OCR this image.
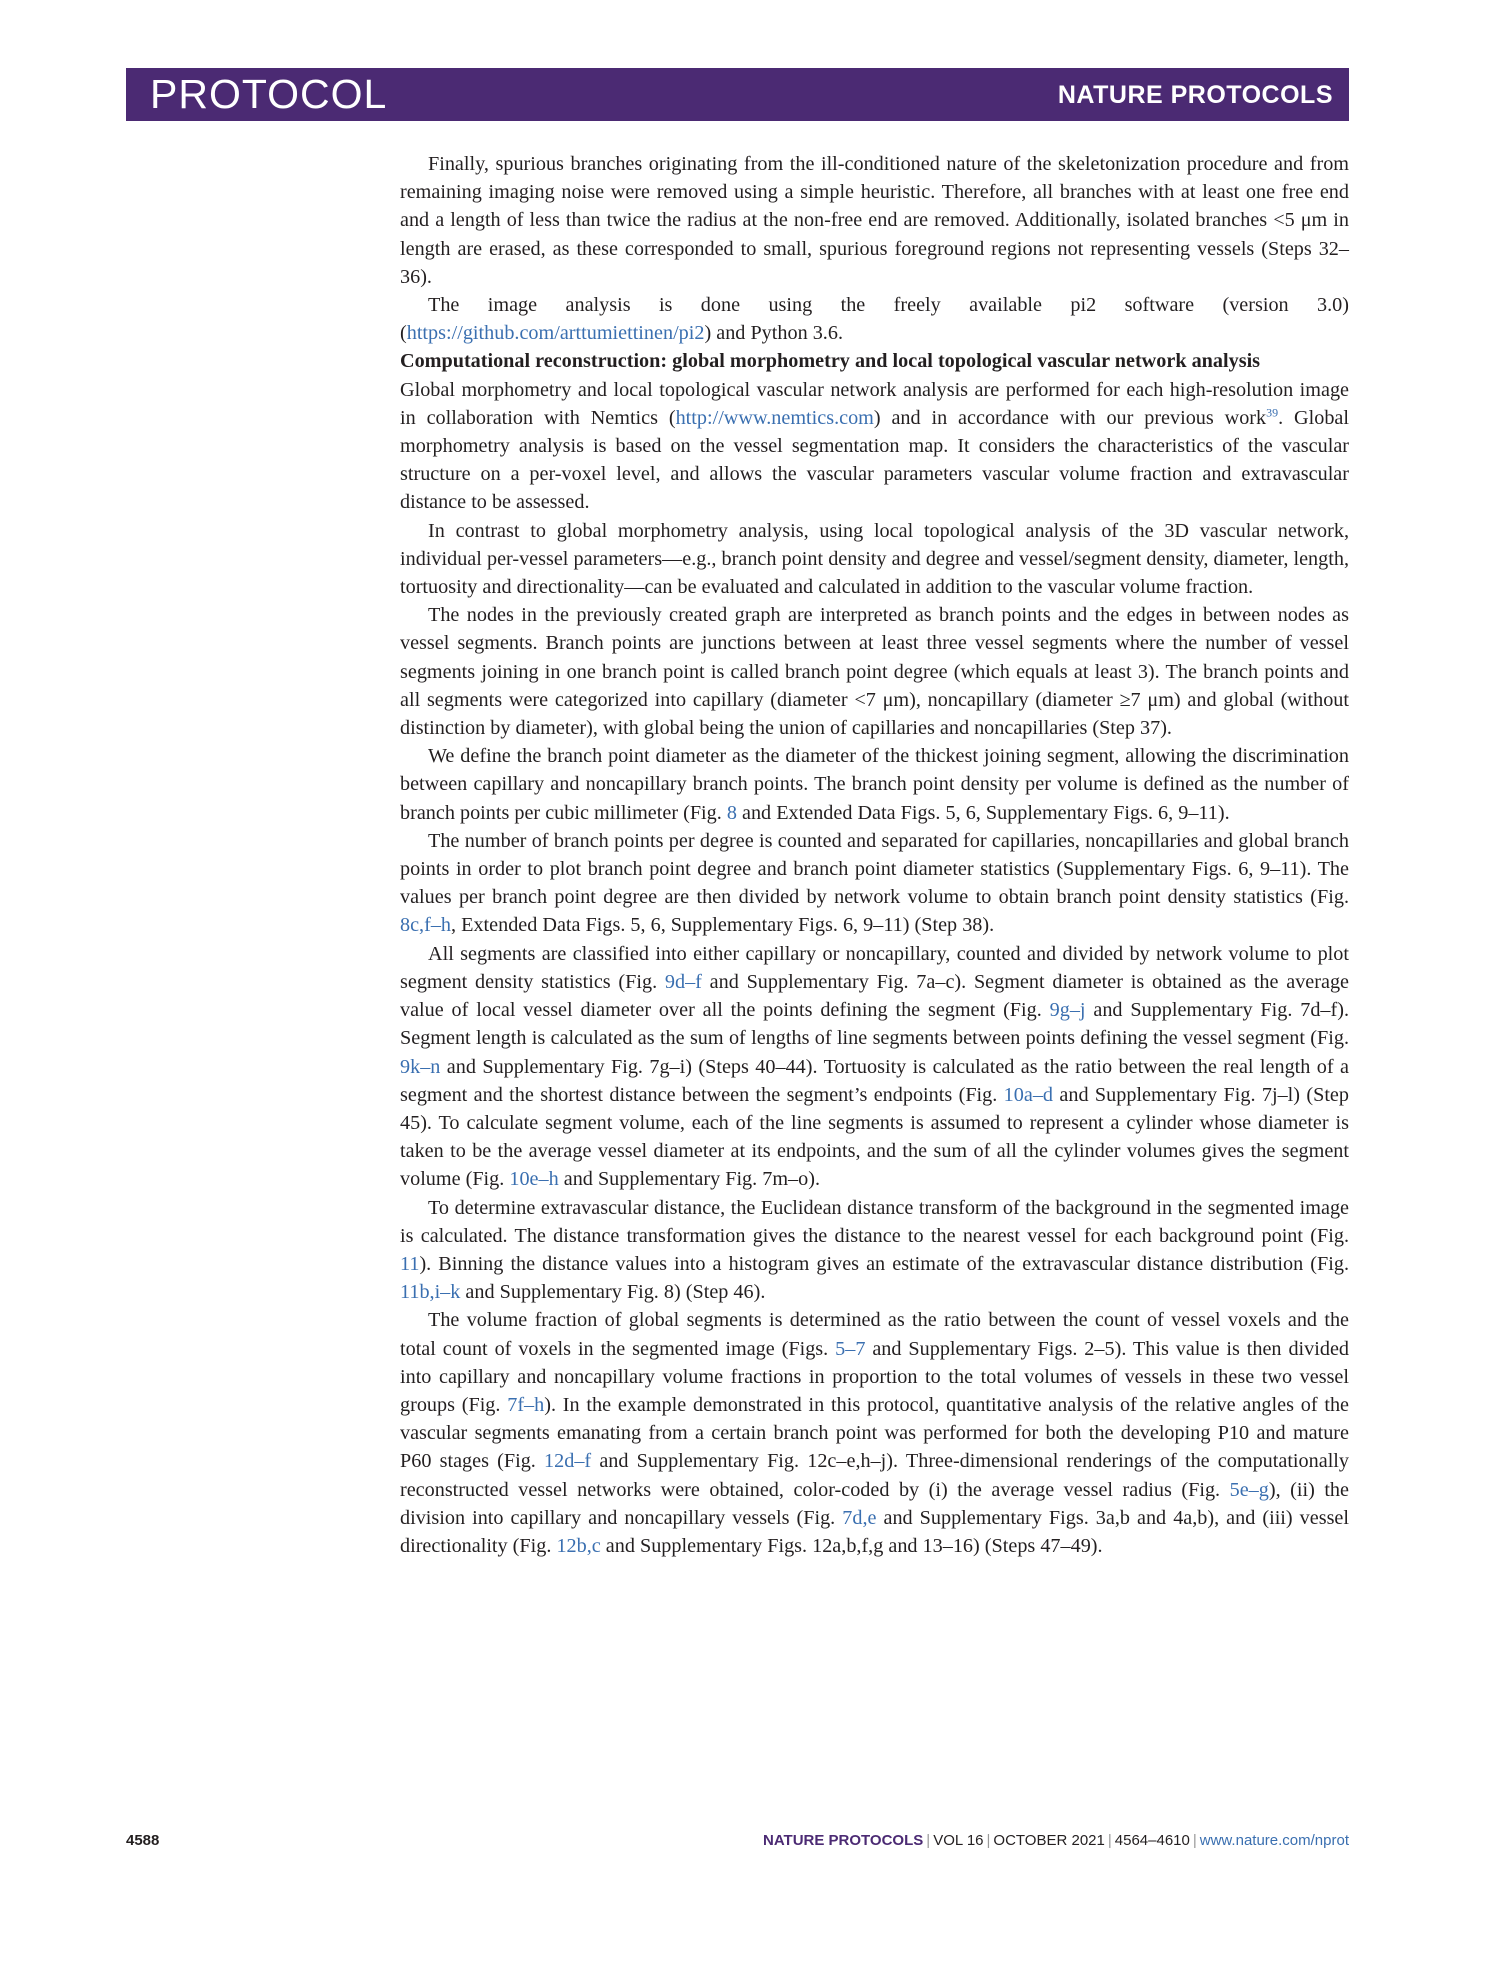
PROTOCOL	NATURE PROTOCOLS

Finally, spurious branches originating from the ill-conditioned nature of the skeletonization procedure and from remaining imaging noise were removed using a simple heuristic. Therefore, all branches with at least one free end and a length of less than twice the radius at the non-free end are removed. Additionally, isolated branches <5 μm in length are erased, as these corresponded to small, spurious foreground regions not representing vessels (Steps 32–36).

The image analysis is done using the freely available pi2 software (version 3.0) (https://github.com/arttumiettinen/pi2) and Python 3.6.

Computational reconstruction: global morphometry and local topological vascular network analysis

Global morphometry and local topological vascular network analysis are performed for each high-resolution image in collaboration with Nemtics (http://www.nemtics.com) and in accordance with our previous work$^{39}$. Global morphometry analysis is based on the vessel segmentation map. It considers the characteristics of the vascular structure on a per-voxel level, and allows the vascular parameters vascular volume fraction and extravascular distance to be assessed.

In contrast to global morphometry analysis, using local topological analysis of the 3D vascular network, individual per-vessel parameters—e.g., branch point density and degree and vessel/segment density, diameter, length, tortuosity and directionality—can be evaluated and calculated in addition to the vascular volume fraction.

The nodes in the previously created graph are interpreted as branch points and the edges in between nodes as vessel segments. Branch points are junctions between at least three vessel segments where the number of vessel segments joining in one branch point is called branch point degree (which equals at least 3). The branch points and all segments were categorized into capillary (diameter <7 μm), noncapillary (diameter ≥7 μm) and global (without distinction by diameter), with global being the union of capillaries and noncapillaries (Step 37).

We define the branch point diameter as the diameter of the thickest joining segment, allowing the discrimination between capillary and noncapillary branch points. The branch point density per volume is defined as the number of branch points per cubic millimeter (Fig. 8 and Extended Data Figs. 5, 6, Supplementary Figs. 6, 9–11).

The number of branch points per degree is counted and separated for capillaries, noncapillaries and global branch points in order to plot branch point degree and branch point diameter statistics (Supplementary Figs. 6, 9–11). The values per branch point degree are then divided by network volume to obtain branch point density statistics (Fig. 8c,f–h, Extended Data Figs. 5, 6, Supplementary Figs. 6, 9–11) (Step 38).

All segments are classified into either capillary or noncapillary, counted and divided by network volume to plot segment density statistics (Fig. 9d–f and Supplementary Fig. 7a–c). Segment diameter is obtained as the average value of local vessel diameter over all the points defining the segment (Fig. 9g–j and Supplementary Fig. 7d–f). Segment length is calculated as the sum of lengths of line segments between points defining the vessel segment (Fig. 9k–n and Supplementary Fig. 7g–i) (Steps 40–44). Tortuosity is calculated as the ratio between the real length of a segment and the shortest distance between the segment’s endpoints (Fig. 10a–d and Supplementary Fig. 7j–l) (Step 45). To calculate segment volume, each of the line segments is assumed to represent a cylinder whose diameter is taken to be the average vessel diameter at its endpoints, and the sum of all the cylinder volumes gives the segment volume (Fig. 10e–h and Supplementary Fig. 7m–o).

To determine extravascular distance, the Euclidean distance transform of the background in the segmented image is calculated. The distance transformation gives the distance to the nearest vessel for each background point (Fig. 11). Binning the distance values into a histogram gives an estimate of the extravascular distance distribution (Fig. 11b,i–k and Supplementary Fig. 8) (Step 46).

The volume fraction of global segments is determined as the ratio between the count of vessel voxels and the total count of voxels in the segmented image (Figs. 5–7 and Supplementary Figs. 2–5). This value is then divided into capillary and noncapillary volume fractions in proportion to the total volumes of vessels in these two vessel groups (Fig. 7f–h). In the example demonstrated in this protocol, quantitative analysis of the relative angles of the vascular segments emanating from a certain branch point was performed for both the developing P10 and mature P60 stages (Fig. 12d–f and Supplementary Fig. 12c–e,h–j). Three-dimensional renderings of the computationally reconstructed vessel networks were obtained, color-coded by (i) the average vessel radius (Fig. 5e–g), (ii) the division into capillary and noncapillary vessels (Fig. 7d,e and Supplementary Figs. 3a,b and 4a,b), and (iii) vessel directionality (Fig. 12b,c and Supplementary Figs. 12a,b,f,g and 13–16) (Steps 47–49).

4588	NATURE PROTOCOLS | VOL 16 | OCTOBER 2021 | 4564–4610 | www.nature.com/nprot
